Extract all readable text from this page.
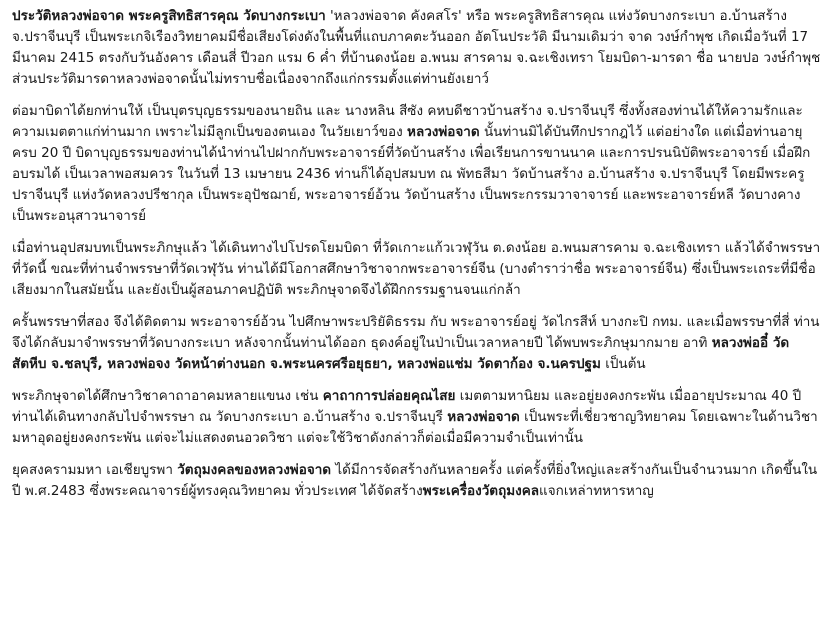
ประวัติหลวงพ่อจาด พระครูสิทธิสารคุณ วัดบางกระเบา 'หลวงพ่อจาด คังคสโร' หรือ พระครูสิทธิสารคุณ แห่งวัดบางกระเบา อ.บ้านสร้าง จ.ปราจีนบุรี เป็นพระเกจิเรืองวิทยาคมมีชื่อเสียงโด่งดังในพื้นที่แถบภาคตะวันออก อัตโนประวัติ มีนามเดิมว่า จาด วงษ์กำพุช เกิดเมื่อวันที่ 17 มีนาคม 2415 ตรงกับวันอังคาร เดือนสี่ ปีวอก แรม 6 ค่ำ ที่บ้านดงน้อย อ.พนม สารคาม จ.ฉะเชิงเทรา โยมบิดา-มารดา ชื่อ นายปอ วงษ์กำพุช ส่วนประวัติมารดาหลวงพ่อจาดนั้นไม่ทราบชื่อเนื่องจากถึงแก่กรรมตั้งแต่ท่านยังเยาว์

ต่อมาบิดาได้ยกท่านให้ เป็นบุตรบุญธรรมของนายถิน และ นางหลิน สีซัง คหบดีชาวบ้านสร้าง จ.ปราจีนบุรี ซึ่งทั้งสองท่านได้ให้ความรักและความเมตตาแก่ท่านมาก เพราะไม่มีลูกเป็นของตนเอง ในวัยเยาว์ของ หลวงพ่อจาด นั้นท่านมิได้บันทึกปรากฎไว้ แต่อย่างใด แต่เมื่อท่านอายุครบ 20 ปี บิดาบุญธรรมของท่านได้นำท่านไปฝากกับพระอาจารย์ที่วัดบ้านสร้าง เพื่อเรียนการขานนาค และการปรนนิบัติพระอาจารย์ เมื่อฝึกอบรมได้ เป็นเวลาพอสมควร ในวันที่ 13 เมษายน 2436 ท่านก็ได้อุปสมบท ณ พัทธสีมา วัดบ้านสร้าง อ.บ้านสร้าง จ.ปราจีนบุรี โดยมีพระครูปราจีนบุรี แห่งวัดหลวงปรีชากุล เป็นพระอุปัชฌาย์, พระอาจารย์อ้วน วัดบ้านสร้าง เป็นพระกรรมวาจาจารย์ และพระอาจารย์หลี วัดบางคางเป็นพระอนุสาวนาจารย์

เมื่อท่านอุปสมบทเป็นพระภิกษุแล้ว ได้เดินทางไปโปรดโยมบิดา ที่วัดเกาะแก้วเวฬุวัน ต.ดงน้อย อ.พนมสารคาม จ.ฉะเชิงเทรา แล้วได้จำพรรษาที่วัดนี้ ขณะที่ท่านจำพรรษาที่วัดเวฬุวัน ท่านได้มีโอกาสศึกษาวิชาจากพระอาจารย์จีน (บางตำราว่าชื่อ พระอาจารย์จีน) ซึ่งเป็นพระเถระที่มีชื่อเสียงมากในสมัยนั้น และยังเป็นผู้สอนภาคปฏิบัติ พระภิกษุจาดจึงได้ฝึกกรรมฐานจนแก่กล้า

ครั้นพรรษาที่สอง จึงได้ติดตาม พระอาจารย์อ้วน ไปศึกษาพระปริยัติธรรม กับ พระอาจารย์อยู่ วัดไกรสีห์ บางกะปิ กทม. และเมื่อพรรษาที่สี่ ท่านจึงได้กลับมาจำพรรษาที่วัดบางกระเบา หลังจากนั้นท่านได้ออก ธุดงค์อยู่ในป่าเป็นเวลาหลายปี ได้พบพระภิกษุมากมาย อาทิ หลวงพ่ออี๋ วัดสัตหีบ จ.ชลบุรี, หลวงพ่อจง วัดหน้าต่างนอก จ.พระนครศรีอยุธยา, หลวงพ่อแช่ม วัดตาก้อง จ.นครปฐม เป็นต้น

พระภิกษุจาดได้ศึกษาวิชาคาถาอาคมหลายแขนง เช่น คาถาการปล่อยคุณไสย เมตตามหานิยม และอยู่ยงคงกระพัน เมื่ออายุประมาณ 40 ปี ท่านได้เดินทางกลับไปจำพรรษา ณ วัดบางกระเบา อ.บ้านสร้าง จ.ปราจีนบุรี หลวงพ่อจาด เป็นพระที่เชี่ยวชาญวิทยาคม โดยเฉพาะในด้านวิชามหาอุดอยู่ยงคงกระพัน แต่จะไม่แสดงตนอวดวิชา แต่จะใช้วิชาดังกล่าวก็ต่อเมื่อมีความจำเป็นเท่านั้น

ยุคสงครามมหา เอเชียบูรพา วัตถุมงคลของหลวงพ่อจาด ได้มีการจัดสร้างกันหลายครั้ง แต่ครั้งที่ยิ่งใหญ่และสร้างกันเป็นจำนวนมาก เกิดขึ้นในปี พ.ศ.2483 ซึ่งพระคณาจารย์ผู้ทรงคุณวิทยาคม ทั่วประเทศ ได้จัดสร้างพระเครื่องวัตถุมงคลแจกเหล่าทหารหาญ
